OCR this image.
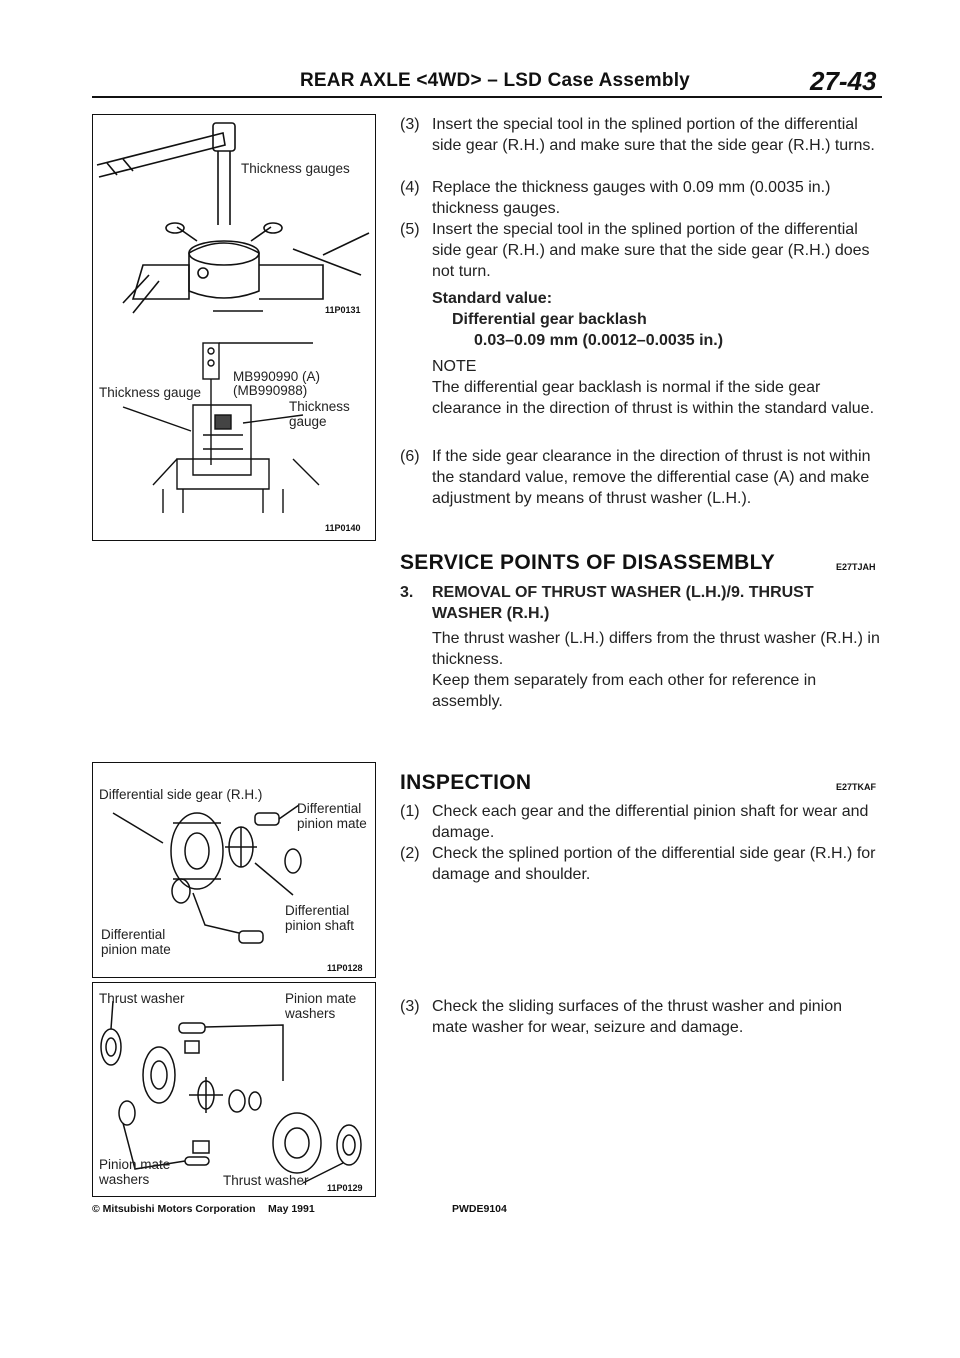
REAR AXLE <4WD> – LSD Case Assembly	27-43
Thickness gauges
11P0131
Thickness gauge
MB990990 (A)
(MB990988)
Thickness
gauge
11P0140
Differential side gear (R.H.)
Differential
pinion mate
Differential
pinion shaft
Differential
pinion mate
11P0128
Thrust washer	Pinion mate
washers
Pinion mate
washers	Thrust washer 11P0129
(3) Insert the special tool in the splined portion of the differential side gear (R.H.) and make sure that the side gear (R.H.) turns.
(4) Replace the thickness gauges with 0.09 mm (0.0035 in.) thickness gauges.
(5) Insert the special tool in the splined portion of the differential side gear (R.H.) and make sure that the side gear (R.H.) does not turn.
Standard value:
Differential gear backlash
0.03–0.09 mm (0.0012–0.0035 in.)
NOTE
The differential gear backlash is normal if the side gear clearance in the direction of thrust is within the standard value.
(6) If the side gear clearance in the direction of thrust is not within the standard value, remove the differential case (A) and make adjustment by means of thrust washer (L.H.).
SERVICE POINTS OF DISASSEMBLY	E27TJAH
3. REMOVAL OF THRUST WASHER (L.H.)/9. THRUST WASHER (R.H.)
The thrust washer (L.H.) differs from the thrust washer (R.H.) in thickness.
Keep them separately from each other for reference in assembly.
INSPECTION	E27TKAF
(1) Check each gear and the differential pinion shaft for wear and damage.
(2) Check the splined portion of the differential side gear (R.H.) for damage and shoulder.
(3) Check the sliding surfaces of the thrust washer and pinion mate washer for wear, seizure and damage.
© Mitsubishi Motors Corporation May 1991	PWDE9104
